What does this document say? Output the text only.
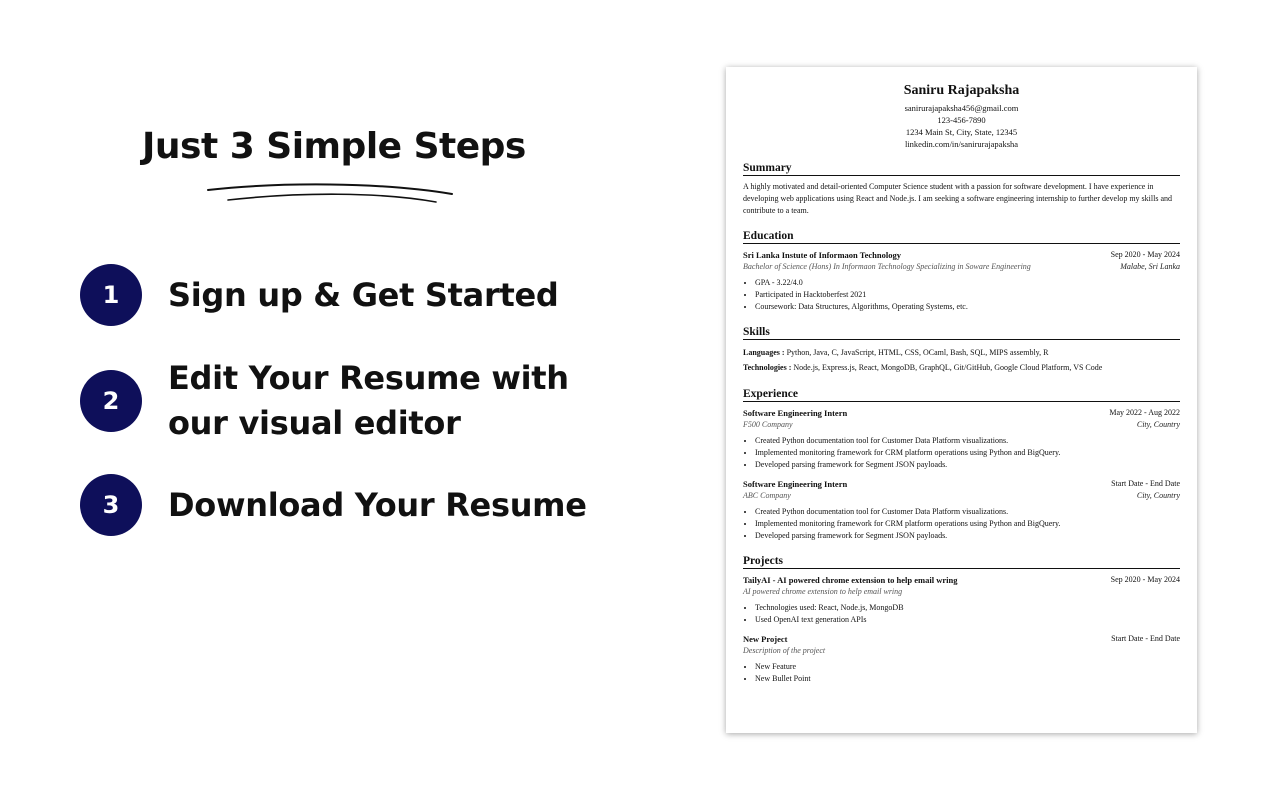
Just 3 Simple Steps
1	Sign up & Get Started
2
Edit Your Resume with our visual editor
3	Download Your Resume
Saniru Rajapaksha
sanirurajapaksha456@gmail.com
123-456-7890
1234 Main St, City, State, 12345
linkedin.com/in/sanirurajapaksha
Summary
A highly motivated and detail-oriented Computer Science student with a passion for software development. I have experience in developing web applications using React and Node.js. I am seeking a software engineering internship to further develop my skills and contribute to a team.
Education
Sri Lanka Instute of Informaon Technology	Sep 2020 - May 2024
Bachelor of Science (Hons) In Informaon Technology Specializing in Soware Engineering	Malabe, Sri Lanka
• GPA - 3.22/4.0
• Participated in Hacktoberfest 2021
• Coursework: Data Structures, Algorithms, Operating Systems, etc.
Skills
Languages : Python, Java, C, JavaScript, HTML, CSS, OCaml, Bash, SQL, MIPS assembly, R
Technologies : Node.js, Express.js, React, MongoDB, GraphQL, Git/GitHub, Google Cloud Platform, VS Code
Experience
Software Engineering Intern	May 2022 - Aug 2022
F500 Company	City, Country
• Created Python documentation tool for Customer Data Platform visualizations.
• Implemented monitoring framework for CRM platform operations using Python and BigQuery.
• Developed parsing framework for Segment JSON payloads.
Software Engineering Intern	Start Date - End Date
ABC Company	City, Country
• Created Python documentation tool for Customer Data Platform visualizations.
• Implemented monitoring framework for CRM platform operations using Python and BigQuery.
• Developed parsing framework for Segment JSON payloads.
Projects
TailyAI - AI powered chrome extension to help email wring	Sep 2020 - May 2024
AI powered chrome extension to help email wring
• Technologies used: React, Node.js, MongoDB
• Used OpenAI text generation APIs
New Project	Start Date - End Date
Description of the project
• New Feature
• New Bullet Point
